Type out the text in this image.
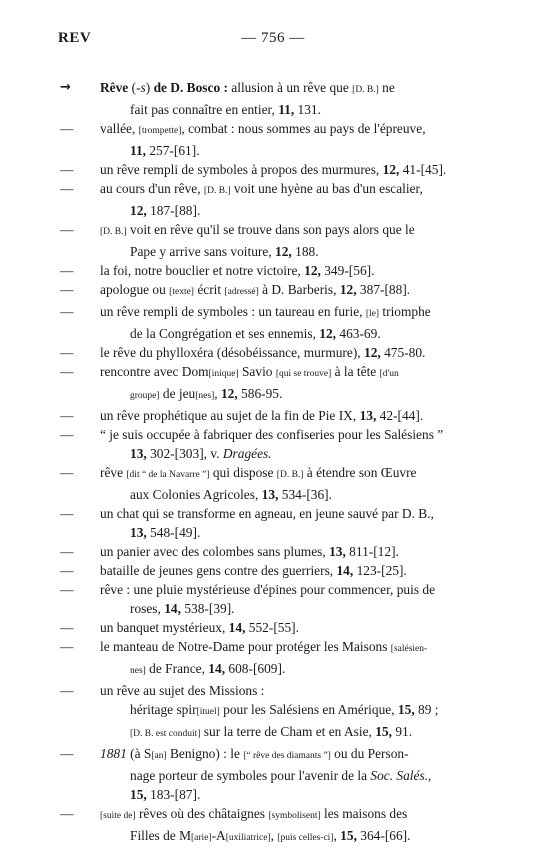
REV	— 756 —
→	Rêve (-s) de D. Bosco : allusion à un rêve que [D. B.] ne
fait pas connaître en entier, 11, 131.
—	vallée, [trompette], combat : nous sommes au pays de l'épreuve,
11, 257-[61].
—	un rêve rempli de symboles à propos des murmures, 12, 41-[45].
—	au cours d'un rêve, [D. B.] voit une hyène au bas d'un escalier,
12, 187-[88].
—	[D. B.] voit en rêve qu'il se trouve dans son pays alors que le
Pape y arrive sans voiture, 12, 188.
—	la foi, notre bouclier et notre victoire, 12, 349-[56].
—	apologue ou [texte] écrit [adressé] à D. Barberis, 12, 387-[88].
—	un rêve rempli de symboles : un taureau en furie, [le] triomphe
de la Congrégation et ses ennemis, 12, 463-69.
—	le rêve du phylloxéra (désobéissance, murmure), 12, 475-80.
—	rencontre avec Dom[inique] Savio [qui se trouve] à la tête [d'un
groupe] de jeu[nes], 12, 586-95.
—	un rêve prophétique au sujet de la fin de Pie IX, 13, 42-[44].
—	“ je suis occupée à fabriquer des confiseries pour les Salésiens ”
13, 302-[303], v. Dragées.
—	rêve [dit “ de la Navarre ”] qui dispose [D. B.] à étendre son Œuvre
aux Colonies Agricoles, 13, 534-[36].
—	un chat qui se transforme en agneau, en jeune sauvé par D. B.,
13, 548-[49].
—	un panier avec des colombes sans plumes, 13, 811-[12].
—	bataille de jeunes gens contre des guerriers, 14, 123-[25].
—	rêve : une pluie mystérieuse d'épines pour commencer, puis de
roses, 14, 538-[39].
—	un banquet mystérieux, 14, 552-[55].
—	le manteau de Notre-Dame pour protéger les Maisons [salésien-
nes] de France, 14, 608-[609].
—	un rêve au sujet des Missions :
héritage spir[ituel] pour les Salésiens en Amérique, 15, 89 ;
[D. B. est conduit] sur la terre de Cham et en Asie, 15, 91.
—	1881 (à S[an] Benigno) : le [“ rêve des diamants ”] ou du Person-
nage porteur de symboles pour l'avenir de la Soc. Salés.,
15, 183-[87].
—	[suite de] rêves où des châtaignes [symbolisent] les maisons des
Filles de M[arie]-A[uxiliatrice], [puis celles-ci], 15, 364-[66].
